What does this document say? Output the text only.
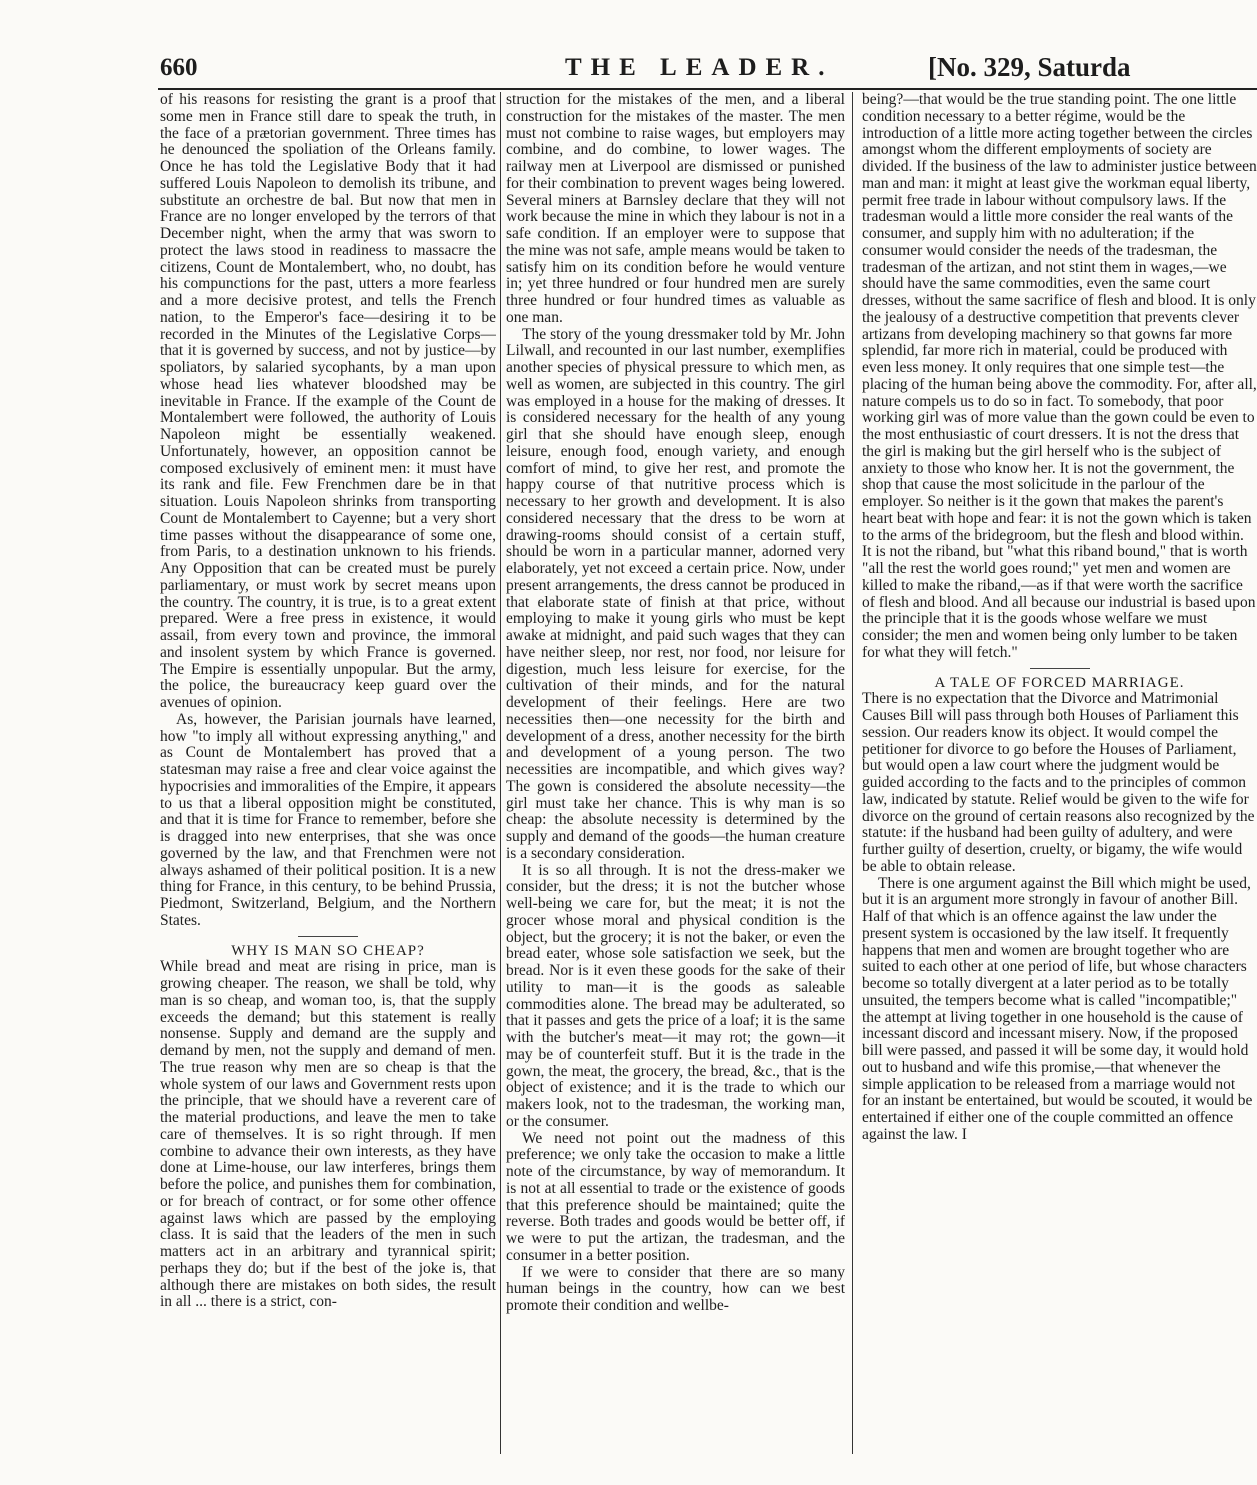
660	THE LEADER.	[No. 329, Saturda

of his reasons for resisting the grant is a proof that some men in France still dare to speak the truth, in the face of a prætorian government. Three times has he denounced the spoliation of the Orleans family. Once he has told the Legislative Body that it had suffered Louis Napoleon to demolish its tribune, and substitute an orchestre de bal. But now that men in France are no longer enveloped by the terrors of that December night, when the army that was sworn to protect the laws stood in readiness to massacre the citizens, Count de Montalembert, who, no doubt, has his compunctions for the past, utters a more fearless and a more decisive protest, and tells the French nation, to the Emperor's face—desiring it to be recorded in the Minutes of the Legislative Corps—that it is governed by success, and not by justice—by spoliators, by salaried sycophants, by a man upon whose head lies whatever bloodshed may be inevitable in France. If the example of the Count de Montalembert were followed, the authority of Louis Napoleon might be essentially weakened. Unfortunately, however, an opposition cannot be composed exclusively of eminent men: it must have its rank and file. Few Frenchmen dare be in that situation. Louis Napoleon shrinks from transporting Count de Montalembert to Cayenne; but a very short time passes without the disappearance of some one, from Paris, to a destination unknown to his friends. Any Opposition that can be created must be purely parliamentary, or must work by secret means upon the country. The country, it is true, is to a great extent prepared. Were a free press in existence, it would assail, from every town and province, the immoral and insolent system by which France is governed. The Empire is essentially unpopular. But the army, the police, the bureaucracy keep guard over the avenues of opinion.

As, however, the Parisian journals have learned, how "to imply all without expressing anything," and as Count de Montalembert has proved that a statesman may raise a free and clear voice against the hypocrisies and immoralities of the Empire, it appears to us that a liberal opposition might be constituted, and that it is time for France to remember, before she is dragged into new enterprises, that she was once governed by the law, and that Frenchmen were not always ashamed of their political position. It is a new thing for France, in this century, to be behind Prussia, Piedmont, Switzerland, Belgium, and the Northern States.

WHY IS MAN SO CHEAP?

While bread and meat are rising in price, man is growing cheaper. The reason, we shall be told, why man is so cheap, and woman too, is, that the supply exceeds the demand; but this statement is really nonsense. Supply and demand are the supply and demand by men, not the supply and demand of men. The true reason why men are so cheap is that the whole system of our laws and Government rests upon the principle, that we should have a reverent care of the material productions, and leave the men to take care of themselves. It is so right through. If men combine to advance their own interests, as they have done at Lime-house, our law interferes, brings them before the police, and punishes them for combination, or for breach of contract, or for some other offence against laws which are passed by the employing class. It is said that the leaders of the men in such matters act in an arbitrary and tyrannical spirit; perhaps they do; but if the best of the joke is, that although there are mistakes on both sides, the result in all ... there is a strict, con-

struction for the mistakes of the men, and a liberal construction for the mistakes of the master. The men must not combine to raise wages, but employers may combine, and do combine, to lower wages. The railway men at Liverpool are dismissed or punished for their combination to prevent wages being lowered. Several miners at Barnsley declare that they will not work because the mine in which they labour is not in a safe condition. If an employer were to suppose that the mine was not safe, ample means would be taken to satisfy him on its condition before he would venture in; yet three hundred or four hundred men are surely three hundred or four hundred times as valuable as one man.

The story of the young dressmaker told by Mr. John Lilwall, and recounted in our last number, exemplifies another species of physical pressure to which men, as well as women, are subjected in this country. The girl was employed in a house for the making of dresses. It is considered necessary for the health of any young girl that she should have enough sleep, enough leisure, enough food, enough variety, and enough comfort of mind, to give her rest, and promote the happy course of that nutritive process which is necessary to her growth and development. It is also considered necessary that the dress to be worn at drawing-rooms should consist of a certain stuff, should be worn in a particular manner, adorned very elaborately, yet not exceed a certain price. Now, under present arrangements, the dress cannot be produced in that elaborate state of finish at that price, without employing to make it young girls who must be kept awake at midnight, and paid such wages that they can have neither sleep, nor rest, nor food, nor leisure for digestion, much less leisure for exercise, for the cultivation of their minds, and for the natural development of their feelings. Here are two necessities then—one necessity for the birth and development of a dress, another necessity for the birth and development of a young person. The two necessities are incompatible, and which gives way? The gown is considered the absolute necessity—the girl must take her chance. This is why man is so cheap: the absolute necessity is determined by the supply and demand of the goods—the human creature is a secondary consideration.

It is so all through. It is not the dress-maker we consider, but the dress; it is not the butcher whose well-being we care for, but the meat; it is not the grocer whose moral and physical condition is the object, but the grocery; it is not the baker, or even the bread eater, whose sole satisfaction we seek, but the bread. Nor is it even these goods for the sake of their utility to man—it is the goods as saleable commodities alone. The bread may be adulterated, so that it passes and gets the price of a loaf; it is the same with the butcher's meat—it may rot; the gown—it may be of counterfeit stuff. But it is the trade in the gown, the meat, the grocery, the bread, &c., that is the object of existence; and it is the trade to which our makers look, not to the tradesman, the working man, or the consumer.

We need not point out the madness of this preference; we only take the occasion to make a little note of the circumstance, by way of memorandum. It is not at all essential to trade or the existence of goods that this preference should be maintained; quite the reverse. Both trades and goods would be better off, if we were to put the artizan, the tradesman, and the consumer in a better position.

If we were to consider that there are so many human beings in the country, how can we best promote their condition and wellbe-

being?—that would be the true standing point. The one little condition necessary to a better régime, would be the introduction of a little more acting together between the circles amongst whom the different employments of society are divided. If the business of the law to administer justice between man and man: it might at least give the workman equal liberty, permit free trade in labour without compulsory laws. If the tradesman would a little more consider the real wants of the consumer, and supply him with no adulteration; if the consumer would consider the needs of the tradesman, the tradesman of the artizan, and not stint them in wages,—we should have the same commodities, even the same court dresses, without the same sacrifice of flesh and blood. It is only the jealousy of a destructive competition that prevents clever artizans from developing machinery so that gowns far more splendid, far more rich in material, could be produced with even less money. It only requires that one simple test—the placing of the human being above the commodity. For, after all, nature compels us to do so in fact. To somebody, that poor working girl was of more value than the gown could be even to the most enthusiastic of court dressers. It is not the dress that the girl is making but the girl herself who is the subject of anxiety to those who know her. It is not the government, the shop that cause the most solicitude in the parlour of the employer. So neither is it the gown that makes the parent's heart beat with hope and fear: it is not the gown which is taken to the arms of the bridegroom, but the flesh and blood within. It is not the riband, but "what this riband bound," that is worth "all the rest the world goes round;" yet men and women are killed to make the riband,—as if that were worth the sacrifice of flesh and blood. And all because our industrial is based upon the principle that it is the goods whose welfare we must consider; the men and women being only lumber to be taken for what they will fetch."

A TALE OF FORCED MARRIAGE.

There is no expectation that the Divorce and Matrimonial Causes Bill will pass through both Houses of Parliament this session. Our readers know its object. It would compel the petitioner for divorce to go before the Houses of Parliament, but would open a law court where the judgment would be guided according to the facts and to the principles of common law, indicated by statute. Relief would be given to the wife for divorce on the ground of certain reasons also recognized by the statute: if the husband had been guilty of adultery, and were further guilty of desertion, cruelty, or bigamy, the wife would be able to obtain release.

There is one argument against the Bill which might be used, but it is an argument more strongly in favour of another Bill. Half of that which is an offence against the law under the present system is occasioned by the law itself. It frequently happens that men and women are brought together who are suited to each other at one period of life, but whose characters become so totally divergent at a later period as to be totally unsuited, the tempers become what is called "incompatible;" the attempt at living together in one household is the cause of incessant discord and incessant misery. Now, if the proposed bill were passed, and passed it will be some day, it would hold out to husband and wife this promise,—that whenever the simple application to be released from a marriage would not for an instant be entertained, but would be scouted, it would be entertained if either one of the couple committed an offence against the law. I
